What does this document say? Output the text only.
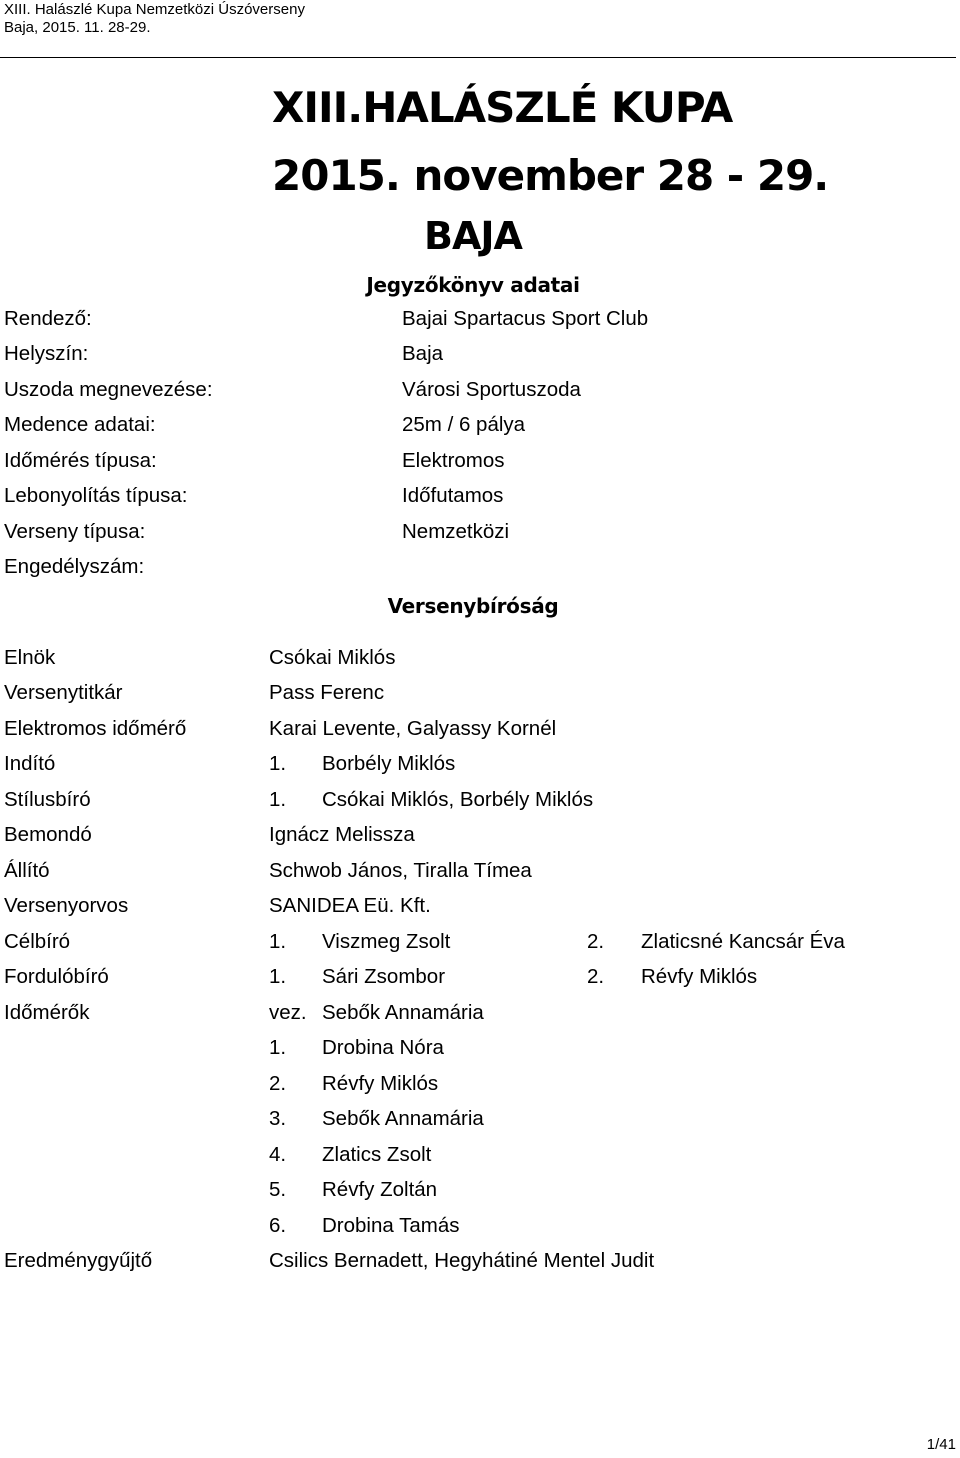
XIII. Halászlé Kupa Nemzetközi Úszóverseny
Baja, 2015. 11. 28-29.
XIII.HALÁSZLÉ KUPA
2015. november 28 - 29.
BAJA
Jegyzőkönyv adatai
Rendező:	Bajai Spartacus Sport Club
Helyszín:	Baja
Uszoda megnevezése:	Városi Sportuszoda
Medence adatai:	25m / 6 pálya
Időmérés típusa:	Elektromos
Lebonyolítás típusa:	Időfutamos
Verseny típusa:	Nemzetközi
Engedélyszám:
Versenybíróság
Elnök	Csókai Miklós
Versenytitkár	Pass Ferenc
Elektromos időmérő	Karai Levente, Galyassy Kornél
Indító	1. Borbély Miklós
Stílusbíró	1. Csókai Miklós, Borbély Miklós
Bemondó	Ignácz Melissza
Állító	Schwob János, Tiralla Tímea
Versenyorvos	SANIDEA Eü. Kft.
Célbíró	1. Viszmeg Zsolt	2. Zlaticsné Kancsár Éva
Fordulóbíró	1. Sári Zsombor	2. Révfy Miklós
Időmérők	vez. Sebők Annamária
1. Drobina Nóra
2. Révfy Miklós
3. Sebők Annamária
4. Zlatics Zsolt
5. Révfy Zoltán
6. Drobina Tamás
Eredménygyűjtő	Csilics Bernadett, Hegyhátiné Mentel Judit
1/41
